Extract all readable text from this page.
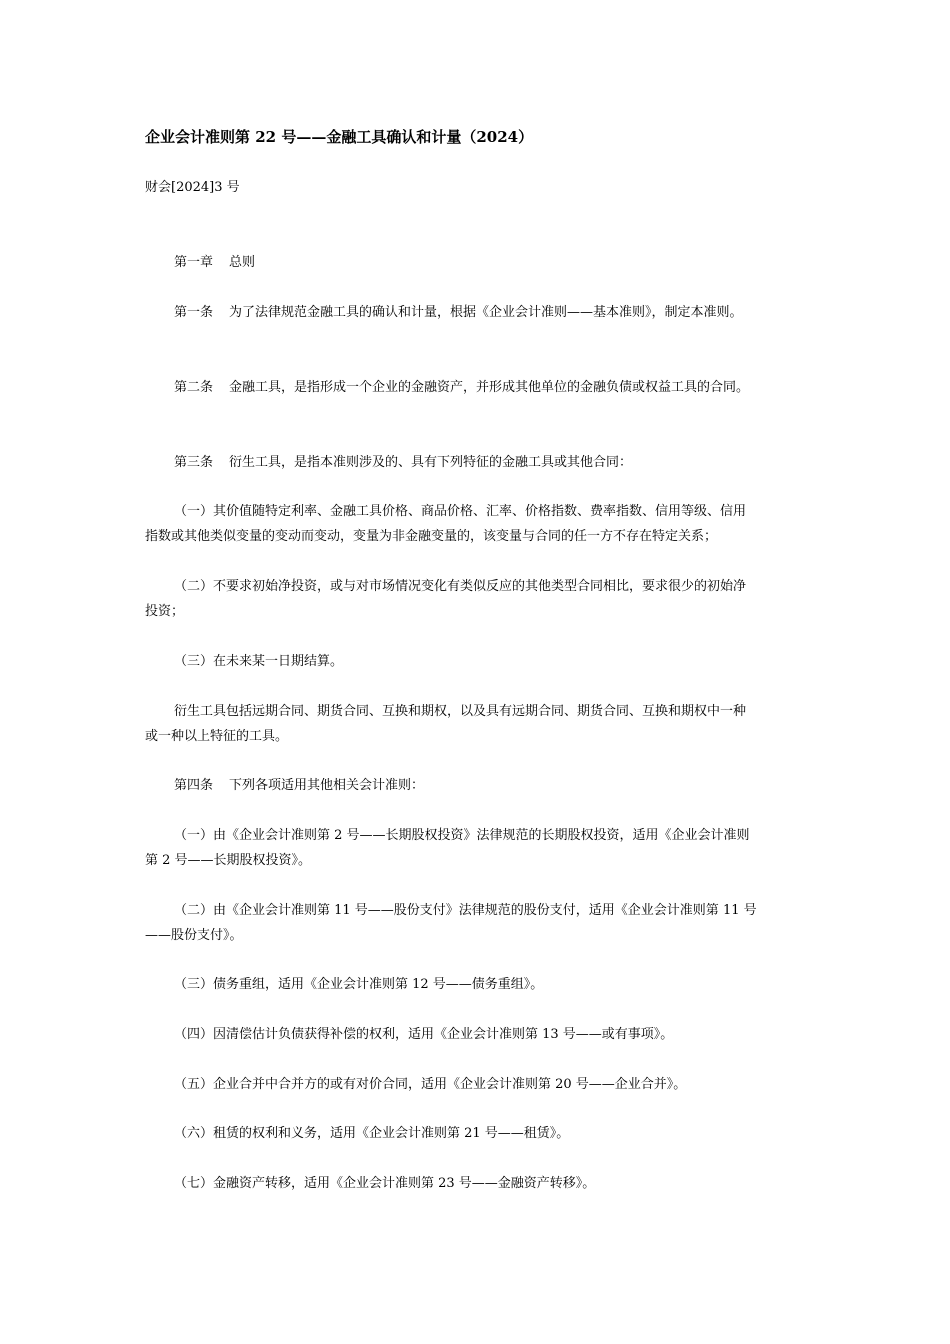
企业会计准则第 22 号——金融工具确认和计量（2024）
财会[2024]3 号
第一章 总则
第一条 为了法律规范金融工具的确认和计量，根据《企业会计准则——基本准则》，制定本准则。
第二条 金融工具，是指形成一个企业的金融资产，并形成其他单位的金融负债或权益工具的合同。
第三条 衍生工具，是指本准则涉及的、具有下列特征的金融工具或其他合同：
（一）其价值随特定利率、金融工具价格、商品价格、汇率、价格指数、费率指数、信用等级、信用
指数或其他类似变量的变动而变动，变量为非金融变量的，该变量与合同的任一方不存在特定关系；
（二）不要求初始净投资，或与对市场情况变化有类似反应的其他类型合同相比，要求很少的初始净
投资；
（三）在未来某一日期结算。
衍生工具包括远期合同、期货合同、互换和期权，以及具有远期合同、期货合同、互换和期权中一种
或一种以上特征的工具。
第四条 下列各项适用其他相关会计准则：
（一）由《企业会计准则第 2 号——长期股权投资》法律规范的长期股权投资，适用《企业会计准则
第 2 号——长期股权投资》。
（二）由《企业会计准则第 11 号——股份支付》法律规范的股份支付，适用《企业会计准则第 11 号
——股份支付》。
（三）债务重组，适用《企业会计准则第 12 号——债务重组》。
（四）因清偿估计负债获得补偿的权利，适用《企业会计准则第 13 号——或有事项》。
（五）企业合并中合并方的或有对价合同，适用《企业会计准则第 20 号——企业合并》。
（六）租赁的权利和义务，适用《企业会计准则第 21 号——租赁》。
（七）金融资产转移，适用《企业会计准则第 23 号——金融资产转移》。
